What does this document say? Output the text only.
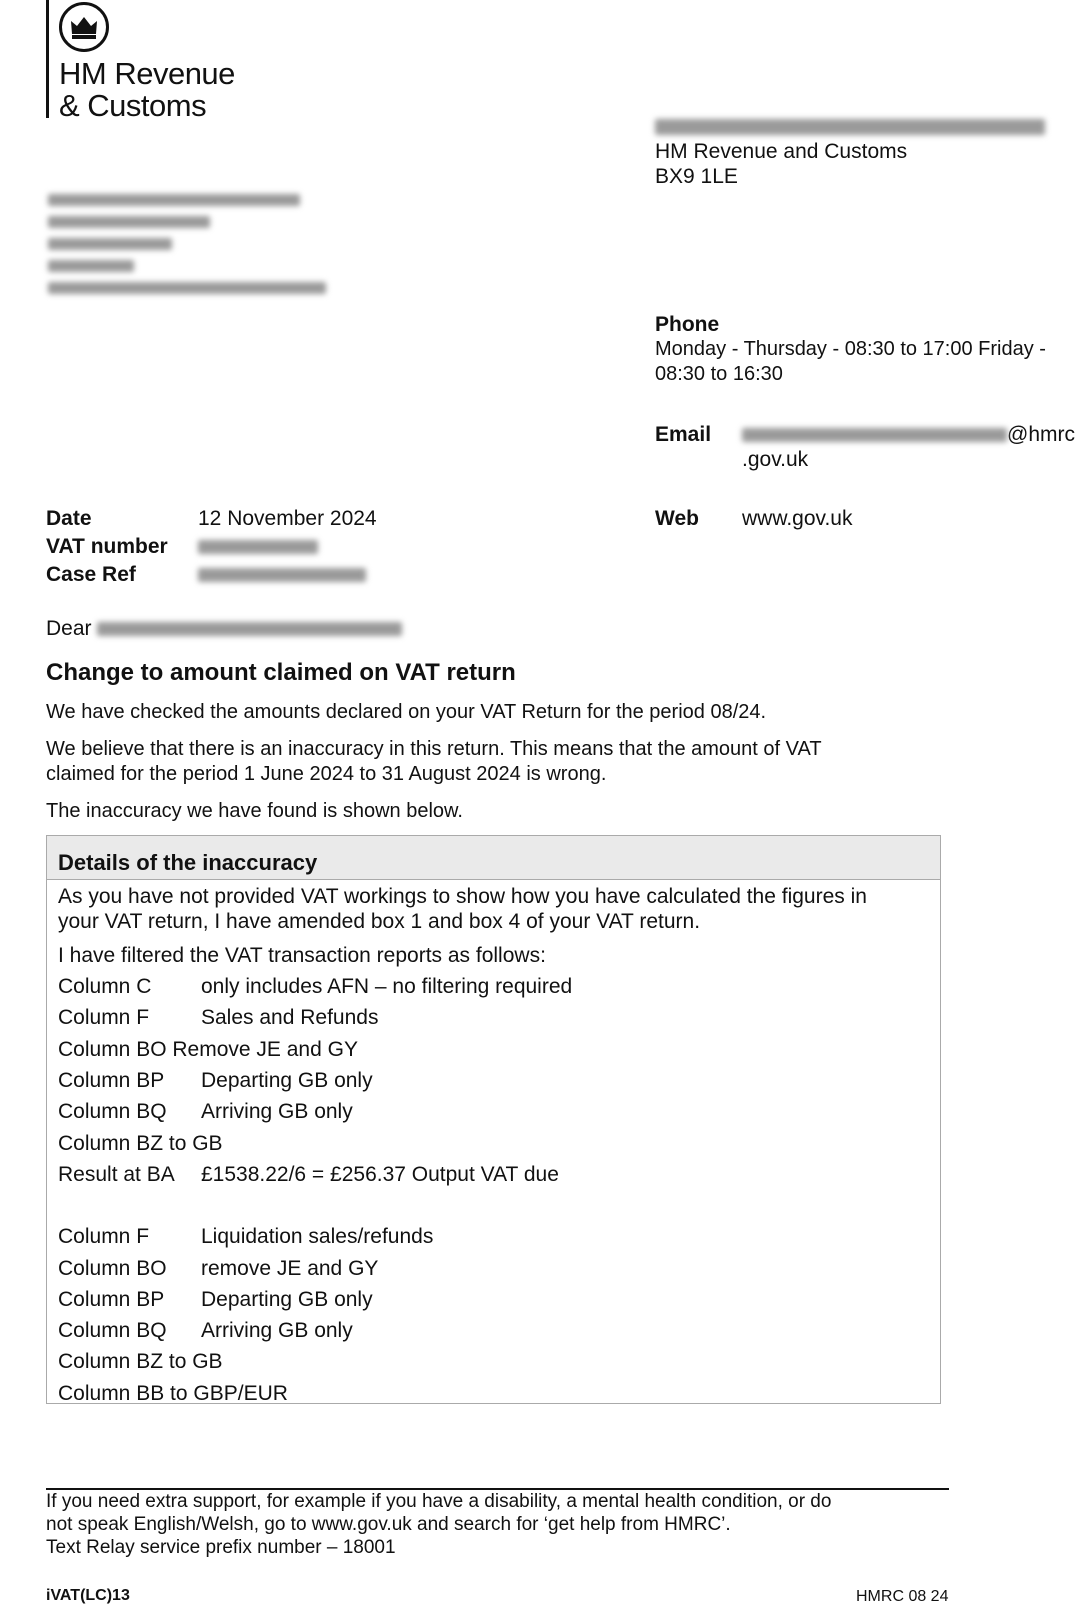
HM Revenue
& Customs
HM Revenue and Customs
BX9 1LE
Phone
Monday - Thursday - 08:30 to 17:00 Friday -
08:30 to 16:30
Email	@hmrc
.gov.uk
Web www.gov.uk
Date	12 November 2024
VAT number
Case Ref
Dear
Change to amount claimed on VAT return
We have checked the amounts declared on your VAT Return for the period 08/24.
We believe that there is an inaccuracy in this return. This means that the amount of VAT
claimed for the period 1 June 2024 to 31 August 2024 is wrong.
The inaccuracy we have found is shown below.
Details of the inaccuracy

As you have not provided VAT workings to show how you have calculated the figures in
your VAT return, I have amended box 1 and box 4 of your VAT return.

I have filtered the VAT transaction reports as follows:
Column C	only includes AFN – no filtering required
Column F	Sales and Refunds
Column BO Remove JE and GY
Column BP	Departing GB only
Column BQ	Arriving GB only
Column BZ to GB
Result at BA	£1538.22/6 = £256.37 Output VAT due
Column F	Liquidation sales/refunds
Column BO	remove JE and GY
Column BP	Departing GB only
Column BQ	Arriving GB only
Column BZ to GB
Column BB to GBP/EUR
If you need extra support, for example if you have a disability, a mental health condition, or do
not speak English/Welsh, go to www.gov.uk and search for ‘get help from HMRC’.
Text Relay service prefix number – 18001
iVAT(LC)13	HMRC 08 24
